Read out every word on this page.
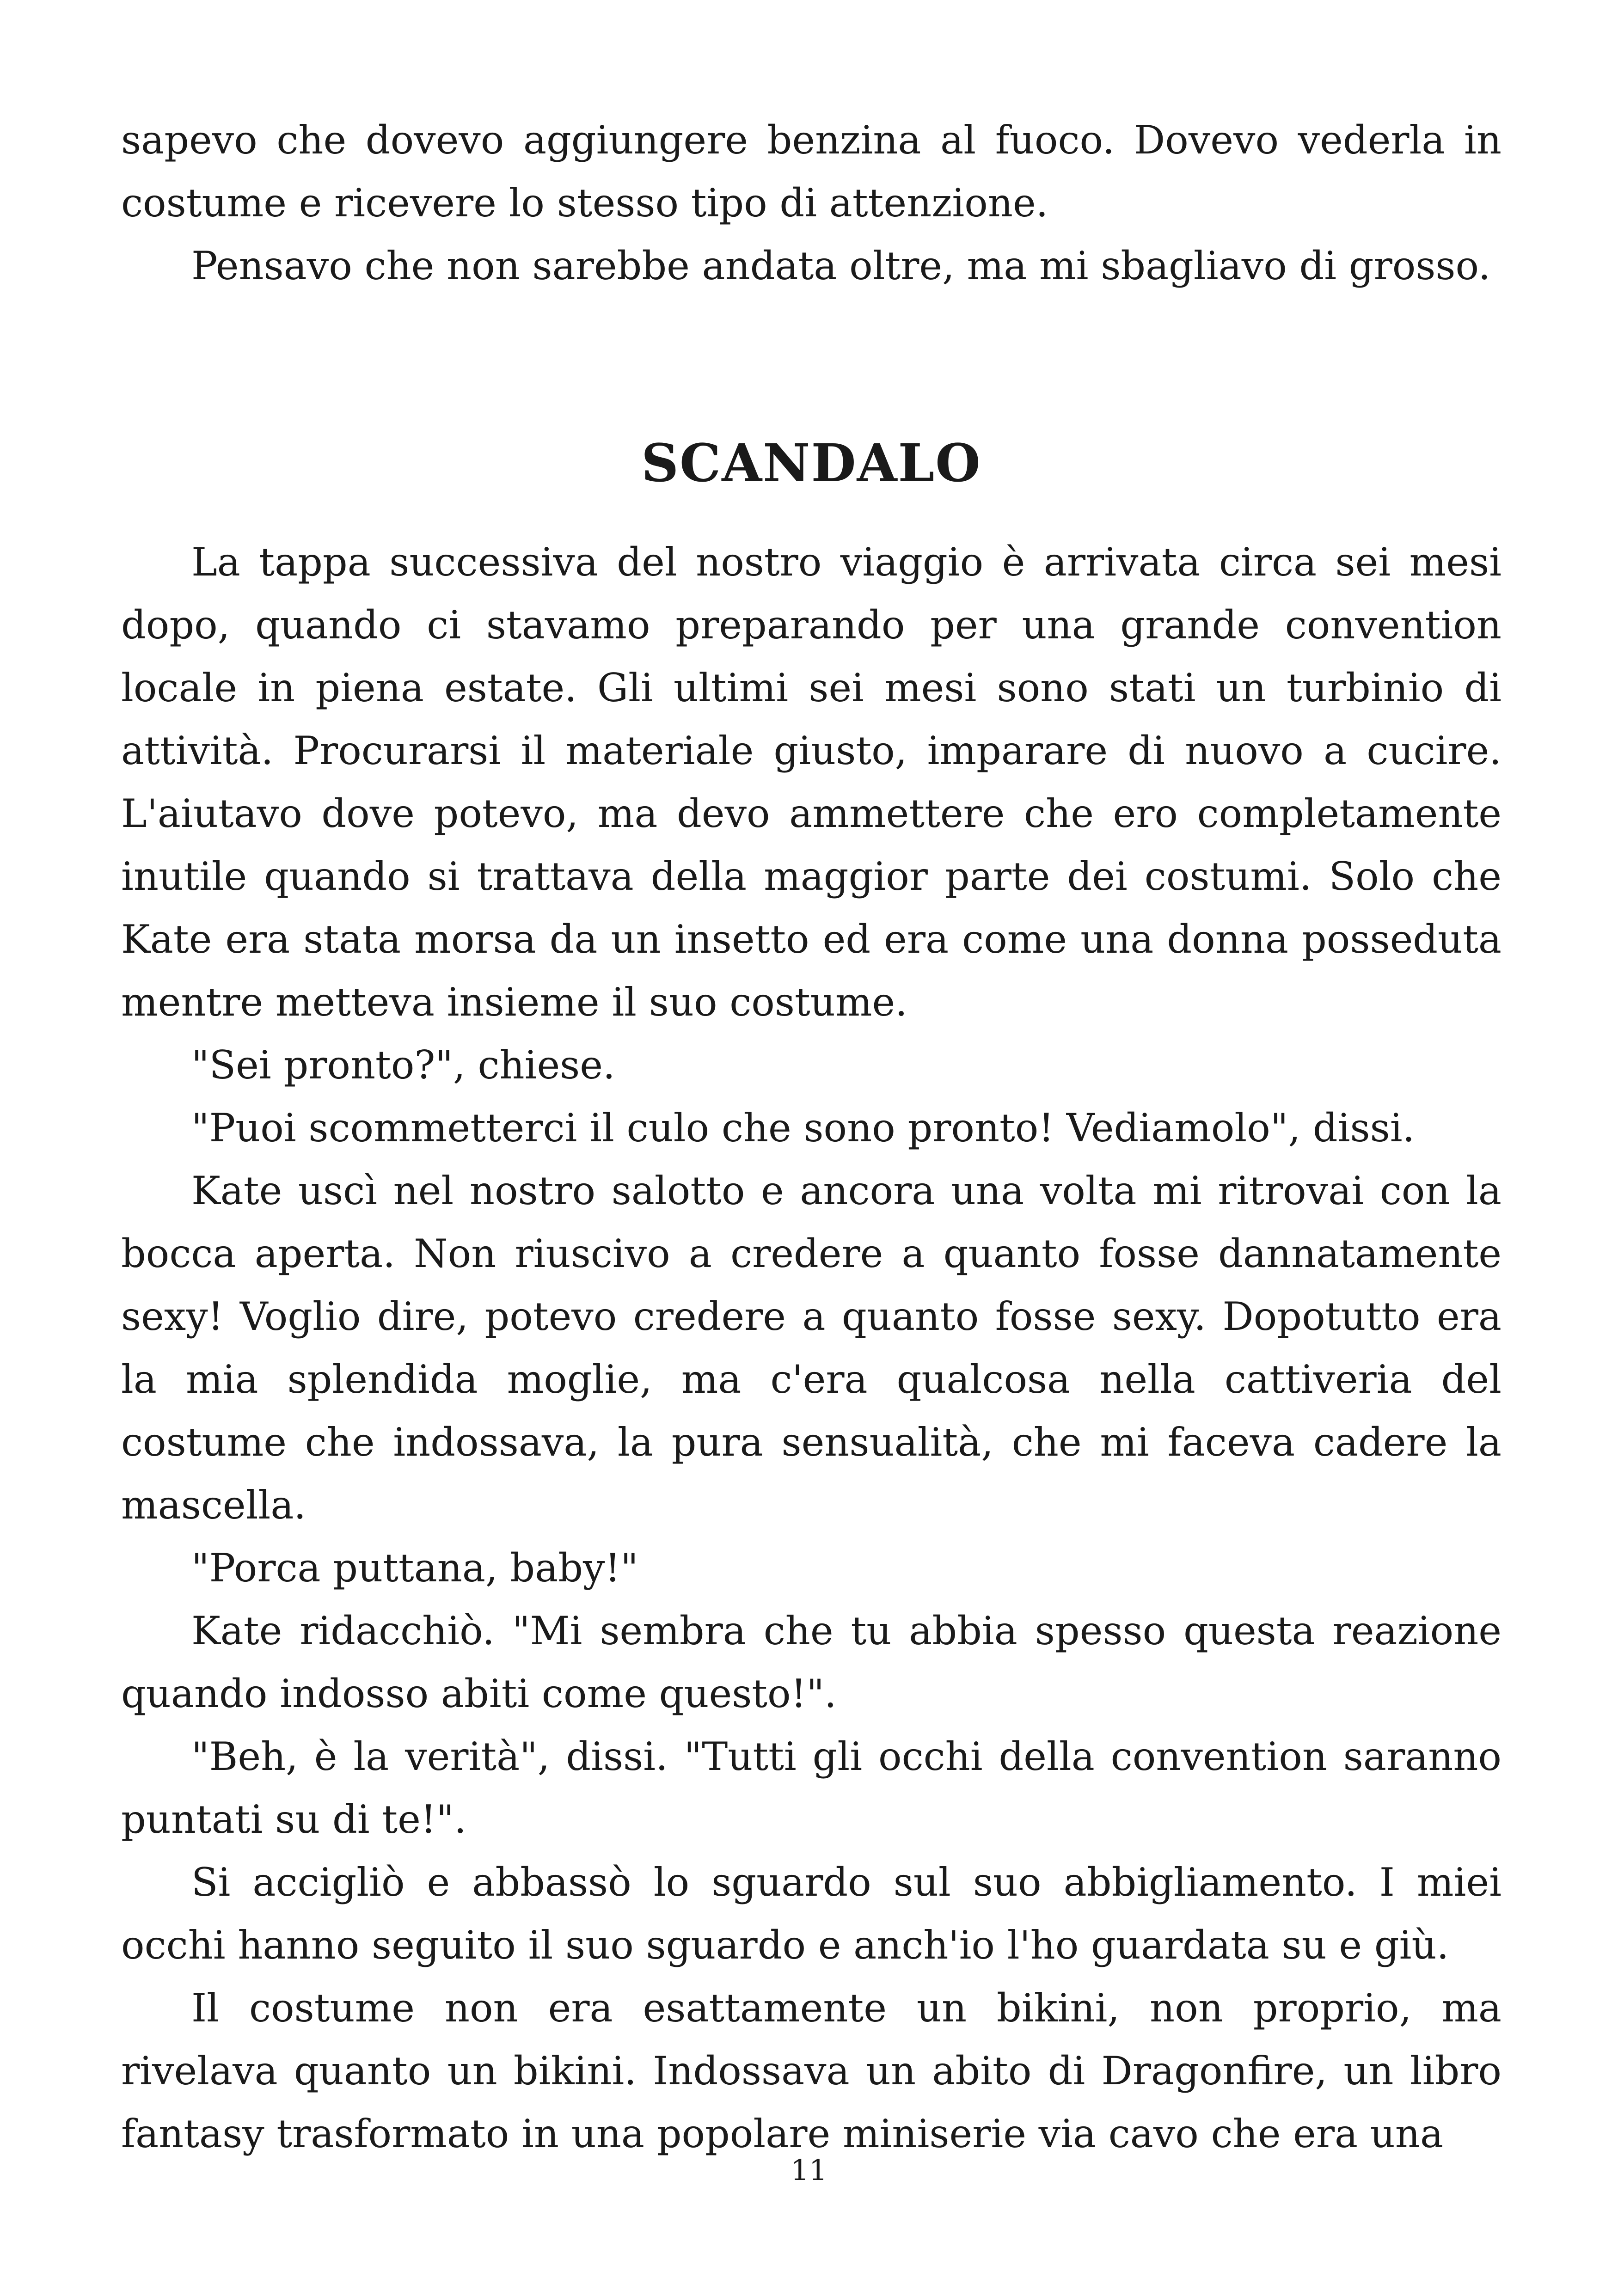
sapevo che dovevo aggiungere benzina al fuoco. Dovevo vederla in costume e ricevere lo stesso tipo di attenzione.

Pensavo che non sarebbe andata oltre, ma mi sbagliavo di grosso.

SCANDALO

La tappa successiva del nostro viaggio è arrivata circa sei mesi dopo, quando ci stavamo preparando per una grande convention locale in piena estate. Gli ultimi sei mesi sono stati un turbinio di attività. Procurarsi il materiale giusto, imparare di nuovo a cucire. L'aiutavo dove potevo, ma devo ammettere che ero completamente inutile quando si trattava della maggior parte dei costumi. Solo che Kate era stata morsa da un insetto ed era come una donna posseduta mentre metteva insieme il suo costume.

"Sei pronto?", chiese.

"Puoi scommetterci il culo che sono pronto! Vediamolo", dissi.

Kate uscì nel nostro salotto e ancora una volta mi ritrovai con la bocca aperta. Non riuscivo a credere a quanto fosse dannatamente sexy! Voglio dire, potevo credere a quanto fosse sexy. Dopotutto era la mia splendida moglie, ma c'era qualcosa nella cattiveria del costume che indossava, la pura sensualità, che mi faceva cadere la mascella.

"Porca puttana, baby!"

Kate ridacchiò. "Mi sembra che tu abbia spesso questa reazione quando indosso abiti come questo!".

"Beh, è la verità", dissi. "Tutti gli occhi della convention saranno puntati su di te!".

Si accigliò e abbassò lo sguardo sul suo abbigliamento. I miei occhi hanno seguito il suo sguardo e anch'io l'ho guardata su e giù.

Il costume non era esattamente un bikini, non proprio, ma rivelava quanto un bikini. Indossava un abito di Dragonfire, un libro fantasy trasformato in una popolare miniserie via cavo che era una

11
